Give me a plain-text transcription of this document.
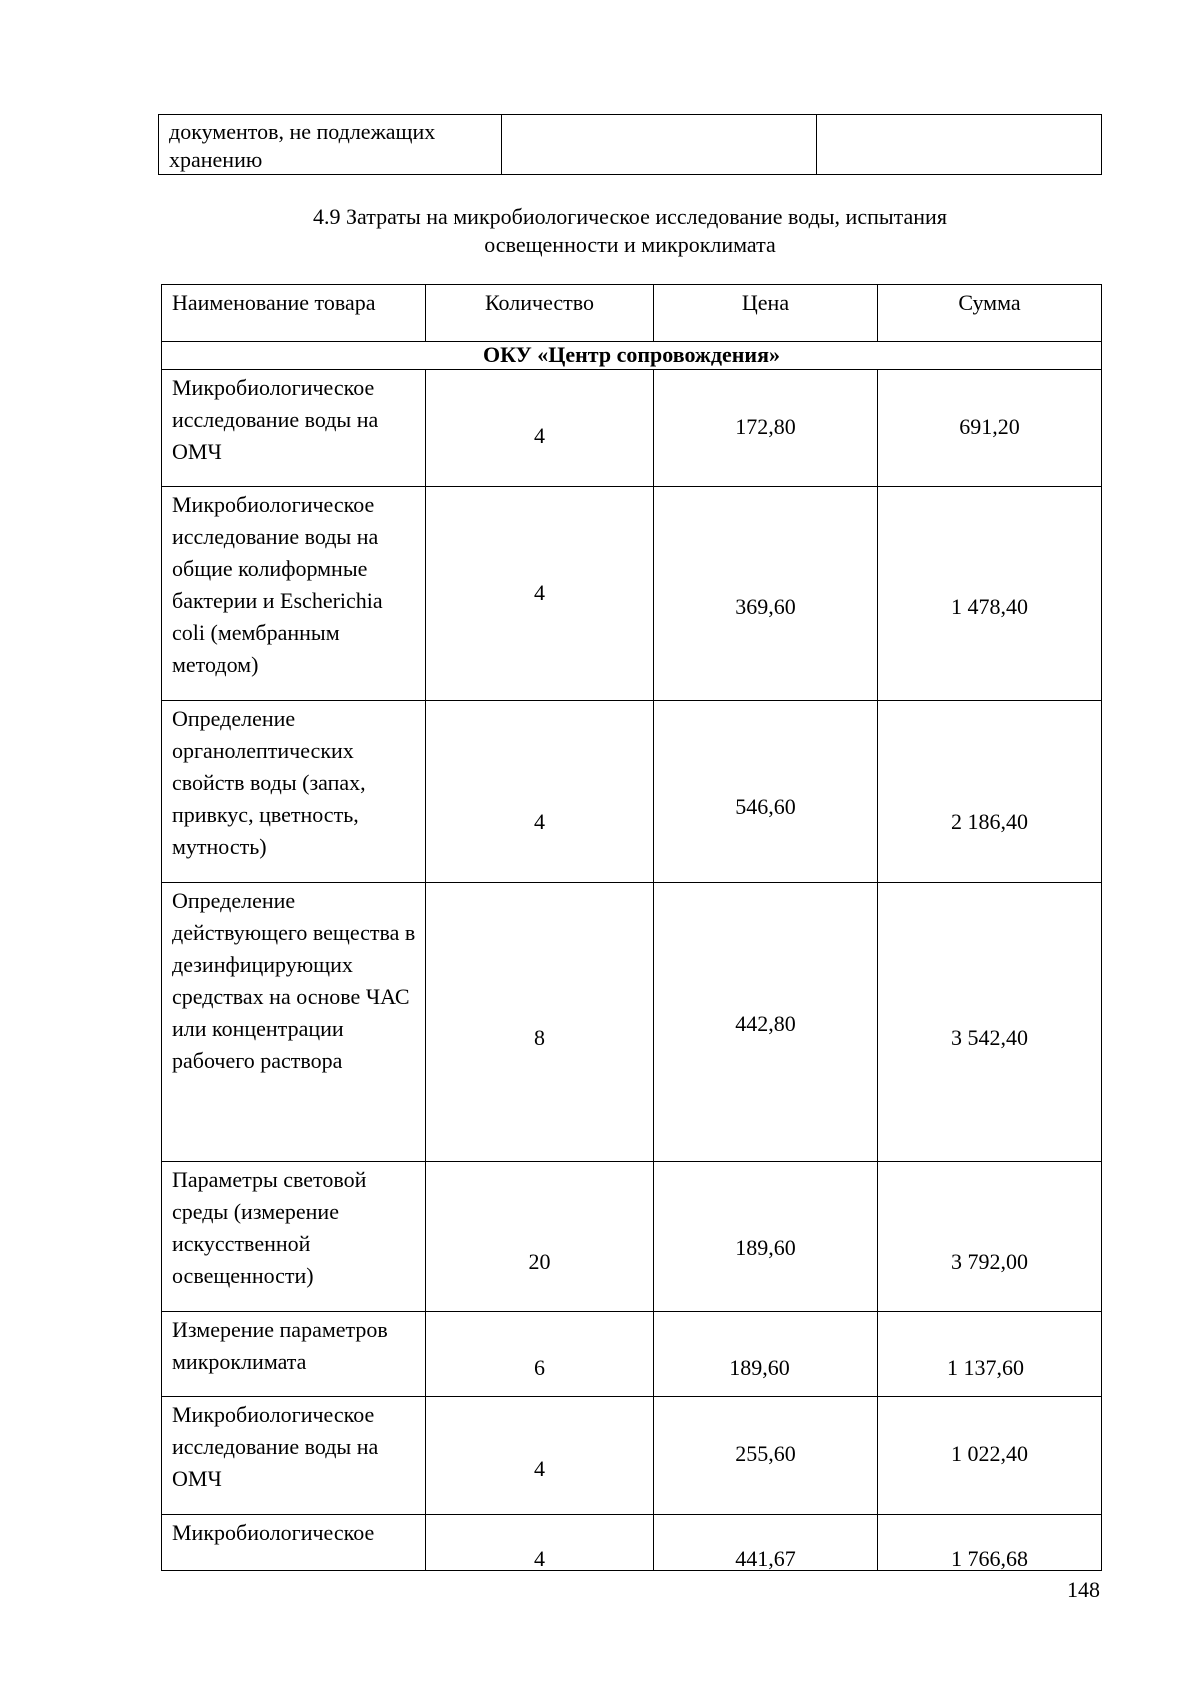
документов, не подлежащих хранению		
4.9 Затраты на микробиологическое исследование воды, испытания
освещенности и микроклимата
Наименование товара	Количество	Цена	Сумма
ОКУ «Центр сопровождения»			
Микробиологическое исследование воды на ОМЧ	4	172,80	691,20

Микробиологическое исследование воды на общие колиформные бактерии и Escherichia coli (мембранным методом)	4	369,60	1 478,40

Определение органолептических свойств воды (запах, привкус, цветность, мутность)	4	546,60	2 186,40

Определение действующего вещества в дезинфицирующих средствах на основе ЧАС или концентрации рабочего раствора	8	442,80	3 542,40

Параметры световой среды (измерение искусственной освещенности)	20	189,60	3 792,00

Измерение параметров микроклимата	6	189,60	1 137,60

Микробиологическое исследование воды на ОМЧ	4	255,60	1 022,40

Микробиологическое	4	441,67	1 766,68
148
